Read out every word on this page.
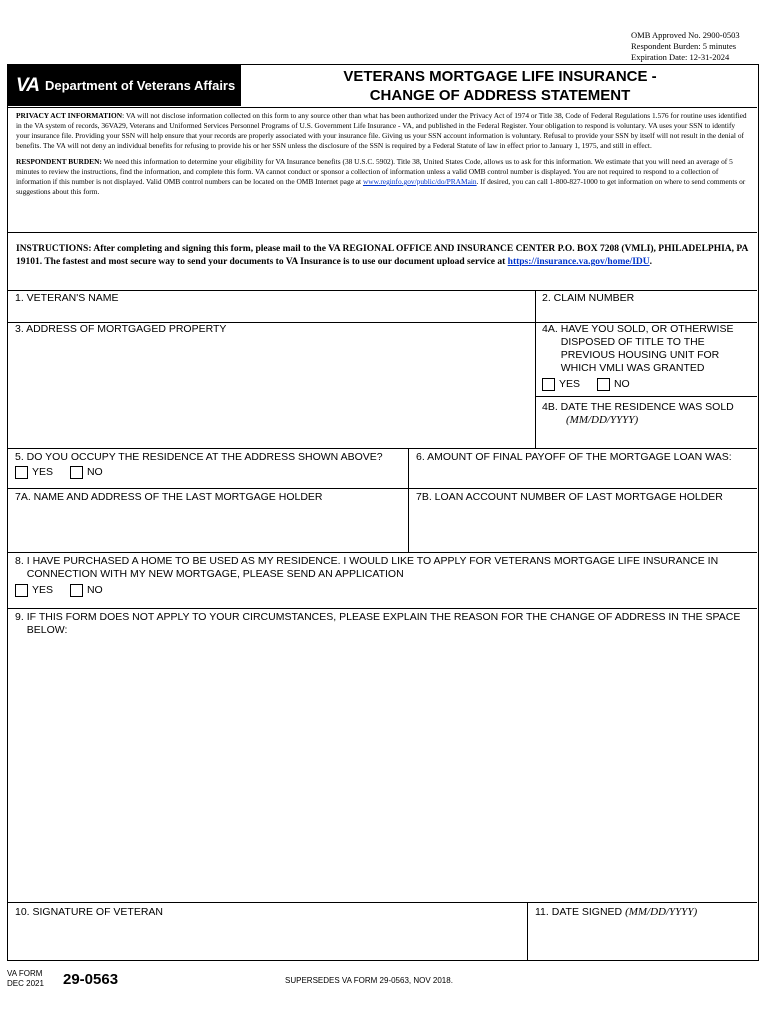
OMB Approved No. 2900-0503
Respondent Burden: 5 minutes
Expiration Date: 12-31-2024
VA Department of Veterans Affairs
VETERANS MORTGAGE LIFE INSURANCE -
CHANGE OF ADDRESS STATEMENT

PRIVACY ACT INFORMATION: VA will not disclose information collected on this form to any source other than what has been authorized under the Privacy Act of 1974 or Title 38, Code of Federal Regulations 1.576 for routine uses identified in the VA system of records, 36VA29, Veterans and Uniformed Services Personnel Programs of U.S. Government Life Insurance - VA, and published in the Federal Register. Your obligation to respond is voluntary. VA uses your SSN to identify your insurance file. Providing your SSN will help ensure that your records are properly associated with your insurance file. Giving us your SSN account information is voluntary. Refusal to provide your SSN by itself will not result in the denial of benefits. The VA will not deny an individual benefits for refusing to provide his or her SSN unless the disclosure of the SSN is required by a Federal Statute of law in effect prior to January 1, 1975, and still in effect.

RESPONDENT BURDEN: We need this information to determine your eligibility for VA Insurance benefits (38 U.S.C. 5902). Title 38, United States Code, allows us to ask for this information. We estimate that you will need an average of 5 minutes to review the instructions, find the information, and complete this form. VA cannot conduct or sponsor a collection of information unless a valid OMB control number is displayed. You are not required to respond to a collection of information if this number is not displayed. Valid OMB control numbers can be located on the OMB Internet page at www.reginfo.gov/public/do/PRAMain. If desired, you can call 1-800-827-1000 to get information on where to send comments or suggestions about this form.

INSTRUCTIONS: After completing and signing this form, please mail to the VA REGIONAL OFFICE AND INSURANCE CENTER P.O. BOX 7208 (VMLI), PHILADELPHIA, PA 19101. The fastest and most secure way to send your documents to VA Insurance is to use our document upload service at https://insurance.va.gov/home/IDU.
1. VETERAN'S NAME	2. CLAIM NUMBER
3. ADDRESS OF MORTGAGED PROPERTY	4A. HAVE YOU SOLD, OR OTHERWISE DISPOSED OF TITLE TO THE PREVIOUS HOUSING UNIT FOR WHICH VMLI WAS GRANTED
YES
	NO
4B. DATE THE RESIDENCE WAS SOLD
(MM/DD/YYYY)
5. DO YOU OCCUPY THE RESIDENCE AT THE ADDRESS SHOWN ABOVE?
YES
	NO
6. AMOUNT OF FINAL PAYOFF OF THE MORTGAGE LOAN WAS:
7A. NAME AND ADDRESS OF THE LAST MORTGAGE HOLDER	7B. LOAN ACCOUNT NUMBER OF LAST MORTGAGE HOLDER
8. I HAVE PURCHASED A HOME TO BE USED AS MY RESIDENCE. I WOULD LIKE TO APPLY FOR VETERANS MORTGAGE LIFE INSURANCE IN CONNECTION WITH MY NEW MORTGAGE, PLEASE SEND AN APPLICATION
YES
	NO
9. IF THIS FORM DOES NOT APPLY TO YOUR CIRCUMSTANCES, PLEASE EXPLAIN THE REASON FOR THE CHANGE OF ADDRESS IN THE SPACE BELOW:
10. SIGNATURE OF VETERAN	11. DATE SIGNED (MM/DD/YYYY)
VA FORM
DEC 2021 29-0563	SUPERSEDES VA FORM 29-0563, NOV 2018.
